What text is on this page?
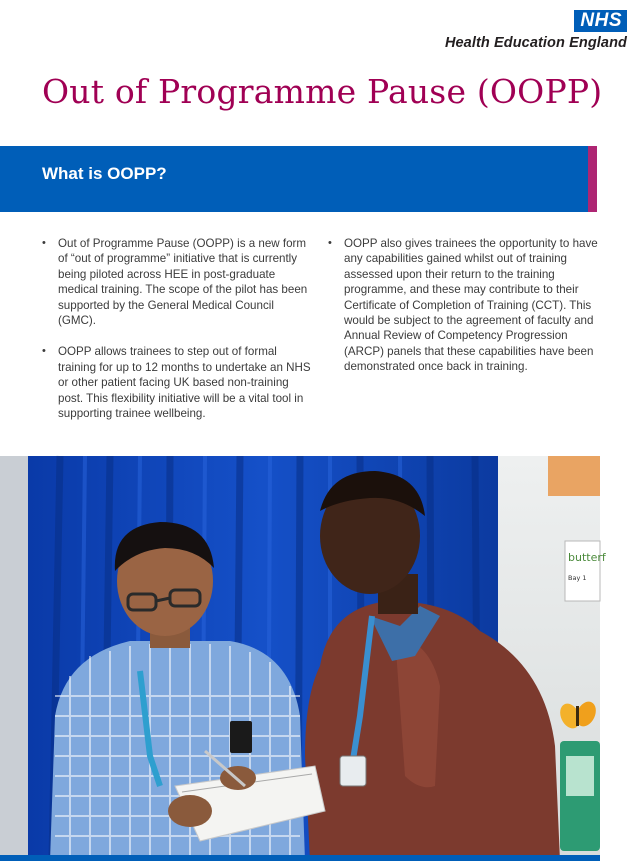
NHS
Health Education England
Out of Programme Pause (OOPP)
What is OOPP?
• Out of Programme Pause (OOPP) is a new form of “out of programme” initiative that is currently being piloted across HEE in post-graduate medical training. The scope of the pilot has been supported by the General Medical Council (GMC).
• OOPP allows trainees to step out of formal training for up to 12 months to undertake an NHS or other patient facing UK based non-training post. This flexibility initiative will be a vital tool in supporting trainee wellbeing.
• OOPP also gives trainees the opportunity to have any capabilities gained whilst out of training assessed upon their return to the training programme, and these may contribute to their Certificate of Completion of Training (CCT). This would be subject to the agreement of faculty and Annual Review of Competency Progression (ARCP) panels that these capabilities have been demonstrated once back in training.
butterf
Bay 1
